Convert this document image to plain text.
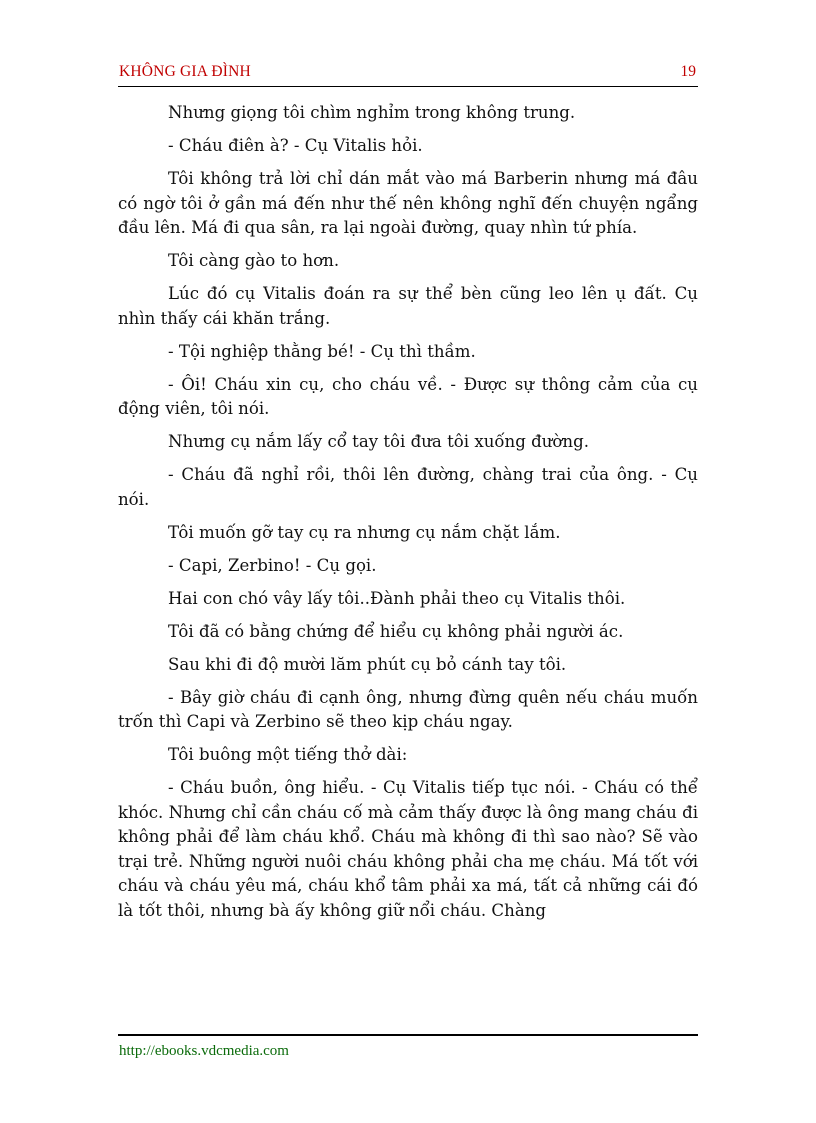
KHÔNG GIA ĐÌNH	19

Nhưng giọng tôi chìm nghỉm trong không trung.

- Cháu điên à? - Cụ Vitalis hỏi.

Tôi không trả lời chỉ dán mắt vào má Barberin nhưng má đâu có ngờ tôi ở gần má đến như thế nên không nghĩ đến chuyện ngẩng đầu lên. Má đi qua sân, ra lại ngoài đường, quay nhìn tứ phía.

Tôi càng gào to hơn.

Lúc đó cụ Vitalis đoán ra sự thể bèn cũng leo lên ụ đất. Cụ nhìn thấy cái khăn trắng.

- Tội nghiệp thằng bé! - Cụ thì thầm.

- Ôi! Cháu xin cụ, cho cháu về. - Được sự thông cảm của cụ động viên, tôi nói.

Nhưng cụ nắm lấy cổ tay tôi đưa tôi xuống đường.

- Cháu đã nghỉ rồi, thôi lên đường, chàng trai của ông. - Cụ nói.

Tôi muốn gỡ tay cụ ra nhưng cụ nắm chặt lắm.

- Capi, Zerbino! - Cụ gọi.

Hai con chó vây lấy tôi..Đành phải theo cụ Vitalis thôi.

Tôi đã có bằng chứng để hiểu cụ không phải người ác.

Sau khi đi độ mười lăm phút cụ bỏ cánh tay tôi.

- Bây giờ cháu đi cạnh ông, nhưng đừng quên nếu cháu muốn trốn thì Capi và Zerbino sẽ theo kịp cháu ngay.

Tôi buông một tiếng thở dài:

- Cháu buồn, ông hiểu. - Cụ Vitalis tiếp tục nói. - Cháu có thể khóc. Nhưng chỉ cần cháu cố mà cảm thấy được là ông mang cháu đi không phải để làm cháu khổ. Cháu mà không đi thì sao nào? Sẽ vào trại trẻ. Những người nuôi cháu không phải cha mẹ cháu. Má tốt với cháu và cháu yêu má, cháu khổ tâm phải xa má, tất cả những cái đó là tốt thôi, nhưng bà ấy không giữ nổi cháu. Chàng

http://ebooks.vdcmedia.com
